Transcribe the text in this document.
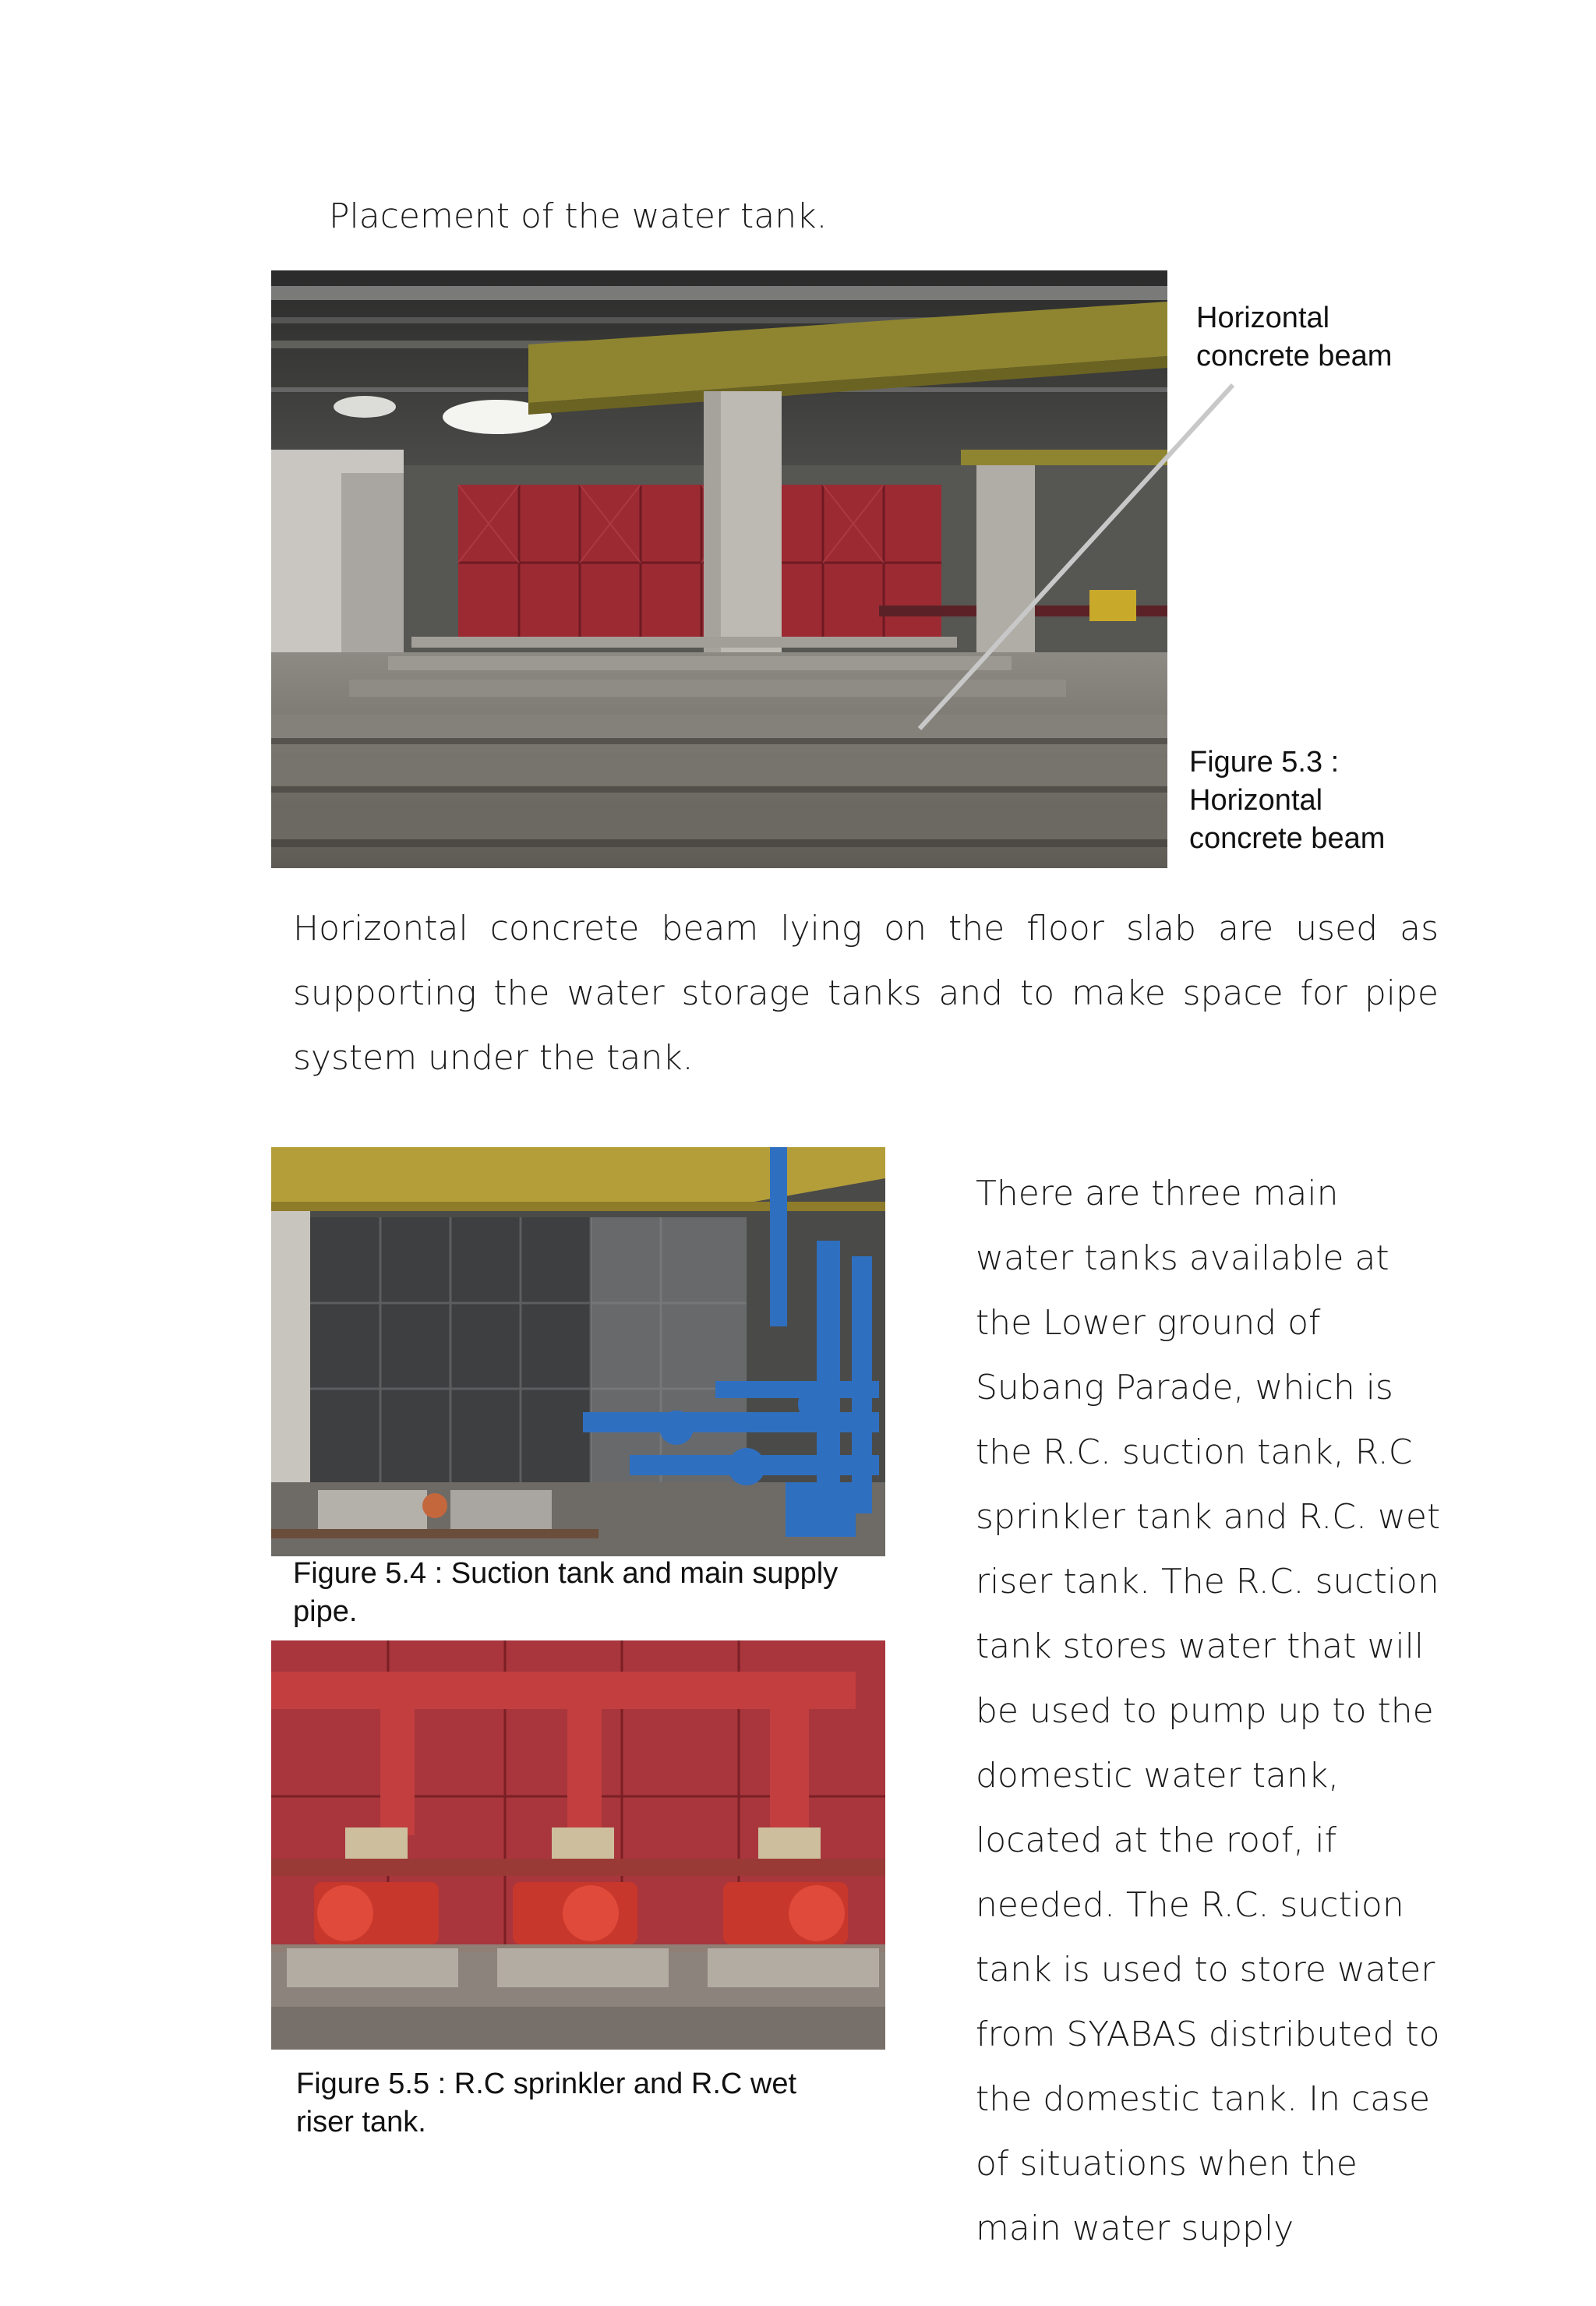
Placement of the water tank.
Horizontal concrete beam
Figure 5.3 : Horizontal concrete beam
Horizontal concrete beam lying on the floor slab are used as supporting the water storage tanks and to make space for pipe system under the tank.
Figure 5.4 : Suction tank and main supply pipe.
Figure 5.5 : R.C sprinkler and R.C wet riser tank.
There are three main water tanks available at the Lower ground of Subang Parade, which is the R.C. suction tank, R.C sprinkler tank and R.C. wet riser tank. The R.C. suction tank stores water that will be used to pump up to the domestic water tank, located at the roof, if needed. The R.C. suction tank is used to store water from SYABAS distributed to the domestic tank. In case of situations when the main water supply
